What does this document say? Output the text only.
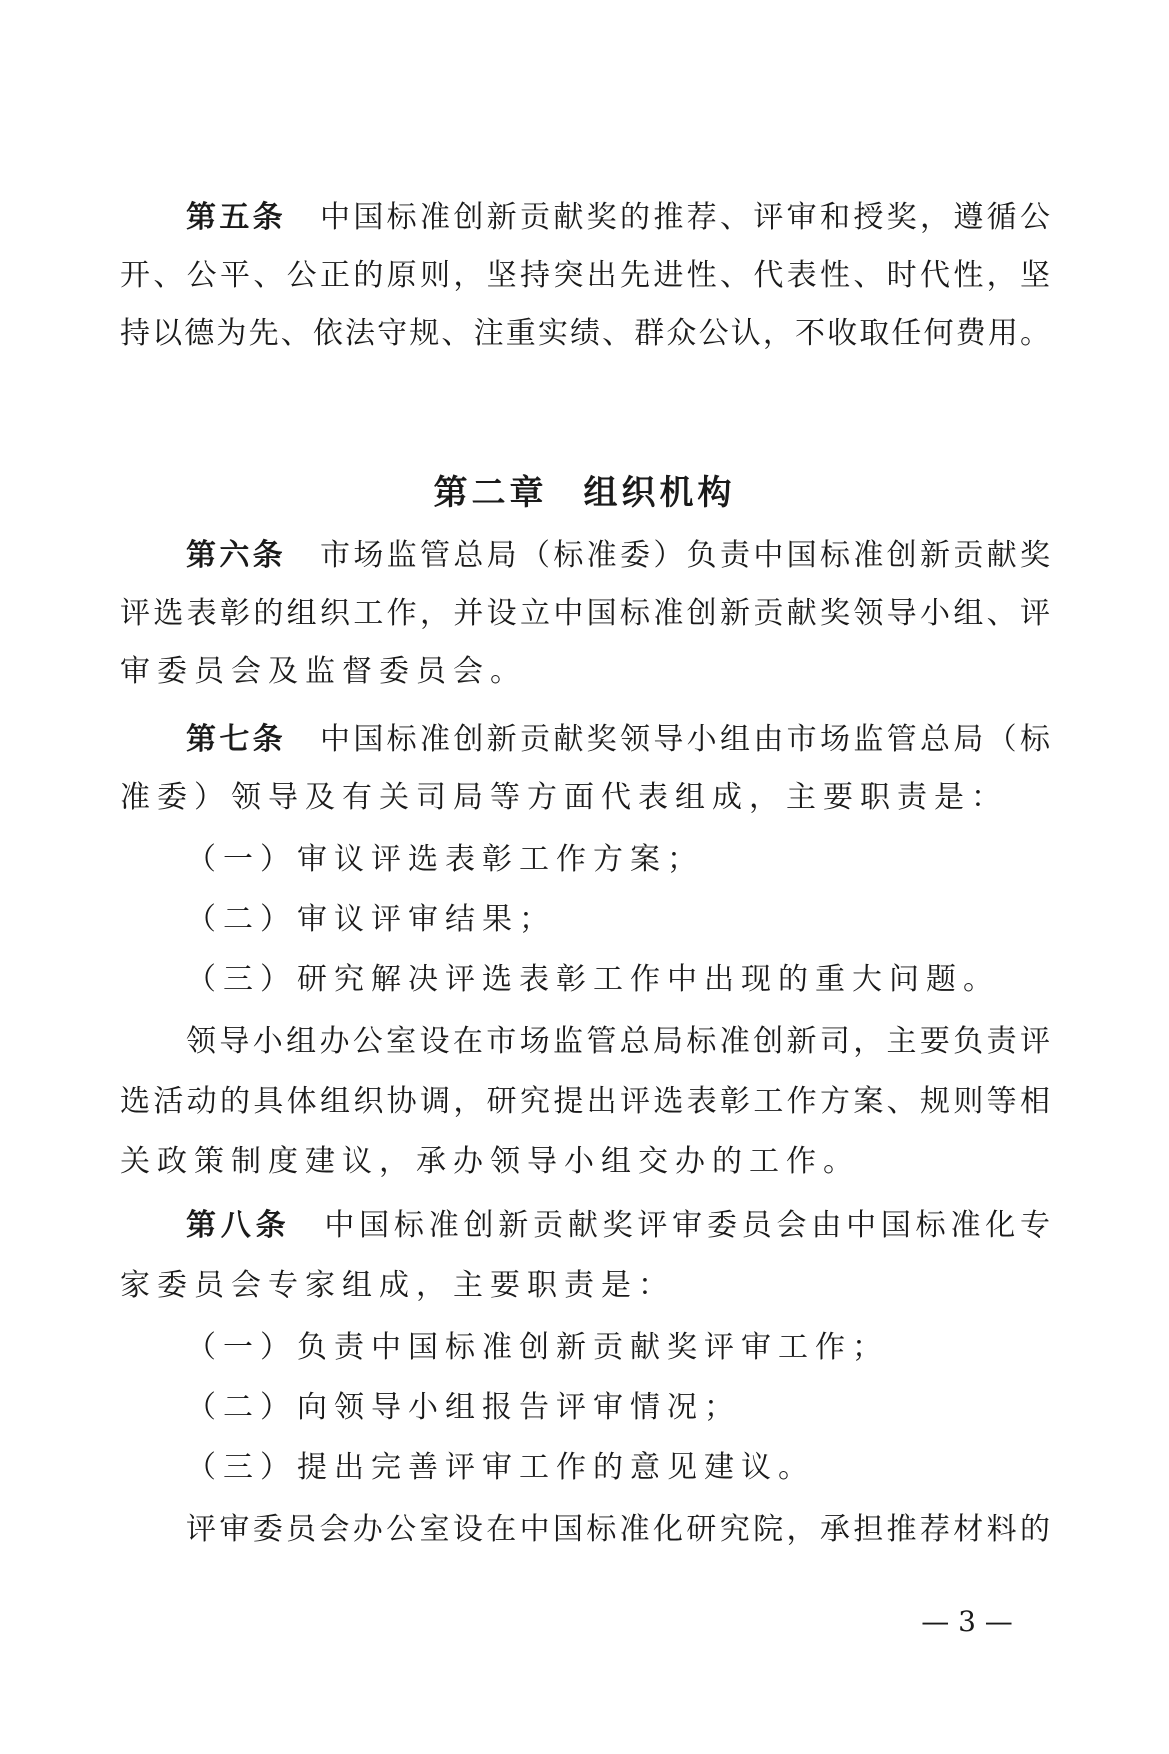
第五条 中国标准创新贡献奖的推荐、评审和授奖，遵循公
开、公平、公正的原则，坚持突出先进性、代表性、时代性，坚
持以德为先、依法守规、注重实绩、群众公认，不收取任何费用。
第二章 组织机构
第六条 市场监管总局（标准委）负责中国标准创新贡献奖
评选表彰的组织工作，并设立中国标准创新贡献奖领导小组、评
审委员会及监督委员会。
第七条 中国标准创新贡献奖领导小组由市场监管总局（标
准委）领导及有关司局等方面代表组成，主要职责是：
（一）审议评选表彰工作方案；
（二）审议评审结果；
（三）研究解决评选表彰工作中出现的重大问题。
领导小组办公室设在市场监管总局标准创新司，主要负责评
选活动的具体组织协调，研究提出评选表彰工作方案、规则等相
关政策制度建议，承办领导小组交办的工作。
第八条 中国标准创新贡献奖评审委员会由中国标准化专
家委员会专家组成，主要职责是：
（一）负责中国标准创新贡献奖评审工作；
（二）向领导小组报告评审情况；
（三）提出完善评审工作的意见建议。
评审委员会办公室设在中国标准化研究院，承担推荐材料的
— 3 —
